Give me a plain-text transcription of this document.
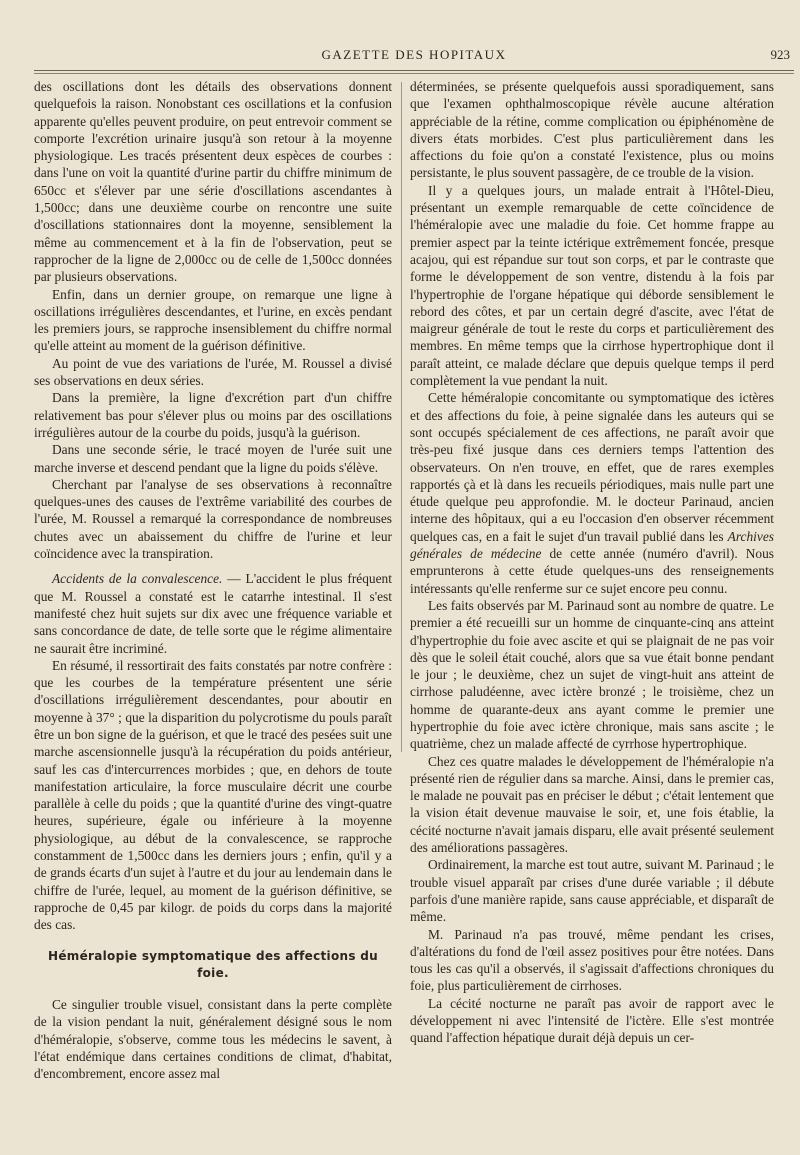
GAZETTE DES HOPITAUX	923

des oscillations dont les détails des observations donnent quelquefois la raison. Nonobstant ces oscillations et la confusion apparente qu'elles peuvent produire, on peut entrevoir comment se comporte l'excrétion urinaire jusqu'à son retour à la moyenne physiologique. Les tracés présentent deux espèces de courbes : dans l'une on voit la quantité d'urine partir du chiffre minimum de 650cc et s'élever par une série d'oscillations ascendantes à 1,500cc; dans une deuxième courbe on rencontre une suite d'oscillations stationnaires dont la moyenne, sensiblement la même au commencement et à la fin de l'observation, peut se rapprocher de la ligne de 2,000cc ou de celle de 1,500cc données par plusieurs observations.

Enfin, dans un dernier groupe, on remarque une ligne à oscillations irrégulières descendantes, et l'urine, en excès pendant les premiers jours, se rapproche insensiblement du chiffre normal qu'elle atteint au moment de la guérison définitive.

Au point de vue des variations de l'urée, M. Roussel a divisé ses observations en deux séries.

Dans la première, la ligne d'excrétion part d'un chiffre relativement bas pour s'élever plus ou moins par des oscillations irrégulières autour de la courbe du poids, jusqu'à la guérison.

Dans une seconde série, le tracé moyen de l'urée suit une marche inverse et descend pendant que la ligne du poids s'élève.

Cherchant par l'analyse de ses observations à reconnaître quelques-unes des causes de l'extrême variabilité des courbes de l'urée, M. Roussel a remarqué la correspondance de nombreuses chutes avec un abaissement du chiffre de l'urine et leur coïncidence avec la transpiration.

Accidents de la convalescence. — L'accident le plus fréquent que M. Roussel a constaté est le catarrhe intestinal. Il s'est manifesté chez huit sujets sur dix avec une fréquence variable et sans concordance de date, de telle sorte que le régime alimentaire ne saurait être incriminé.

En résumé, il ressortirait des faits constatés par notre confrère : que les courbes de la température présentent une série d'oscillations irrégulièrement descendantes, pour aboutir en moyenne à 37° ; que la disparition du polycrotisme du pouls paraît être un bon signe de la guérison, et que le tracé des pesées suit une marche ascensionnelle jusqu'à la récupération du poids antérieur, sauf les cas d'intercurrences morbides ; que, en dehors de toute manifestation articulaire, la force musculaire décrit une courbe parallèle à celle du poids ; que la quantité d'urine des vingt-quatre heures, supérieure, égale ou inférieure à la moyenne physiologique, au début de la convalescence, se rapproche constamment de 1,500cc dans les derniers jours ; enfin, qu'il y a de grands écarts d'un sujet à l'autre et du jour au lendemain dans le chiffre de l'urée, lequel, au moment de la guérison définitive, se rapproche de 0,45 par kilogr. de poids du corps dans la majorité des cas.

Héméralopie symptomatique des affections du foie.

Ce singulier trouble visuel, consistant dans la perte complète de la vision pendant la nuit, généralement désigné sous le nom d'héméralopie, s'observe, comme tous les médecins le savent, à l'état endémique dans certaines conditions de climat, d'habitat, d'encombrement, encore assez mal

déterminées, se présente quelquefois aussi sporadiquement, sans que l'examen ophthalmoscopique révèle aucune altération appréciable de la rétine, comme complication ou épiphénomène de divers états morbides. C'est plus particulièrement dans les affections du foie qu'on a constaté l'existence, plus ou moins persistante, le plus souvent passagère, de ce trouble de la vision.

Il y a quelques jours, un malade entrait à l'Hôtel-Dieu, présentant un exemple remarquable de cette coïncidence de l'héméralopie avec une maladie du foie. Cet homme frappe au premier aspect par la teinte ictérique extrêmement foncée, presque acajou, qui est répandue sur tout son corps, et par le contraste que forme le développement de son ventre, distendu à la fois par l'hypertrophie de l'organe hépatique qui déborde sensiblement le rebord des côtes, et par un certain degré d'ascite, avec l'état de maigreur générale de tout le reste du corps et particulièrement des membres. En même temps que la cirrhose hypertrophique dont il paraît atteint, ce malade déclare que depuis quelque temps il perd complètement la vue pendant la nuit.

Cette héméralopie concomitante ou symptomatique des ictères et des affections du foie, à peine signalée dans les auteurs qui se sont occupés spécialement de ces affections, ne paraît avoir que très-peu fixé jusque dans ces derniers temps l'attention des observateurs. On n'en trouve, en effet, que de rares exemples rapportés çà et là dans les recueils périodiques, mais nulle part une étude quelque peu approfondie. M. le docteur Parinaud, ancien interne des hôpitaux, qui a eu l'occasion d'en observer récemment quelques cas, en a fait le sujet d'un travail publié dans les Archives générales de médecine de cette année (numéro d'avril). Nous emprunterons à cette étude quelques-uns des renseignements intéressants qu'elle renferme sur ce sujet encore peu connu.

Les faits observés par M. Parinaud sont au nombre de quatre. Le premier a été recueilli sur un homme de cinquante-cinq ans atteint d'hypertrophie du foie avec ascite et qui se plaignait de ne pas voir dès que le soleil était couché, alors que sa vue était bonne pendant le jour ; le deuxième, chez un sujet de vingt-huit ans atteint de cirrhose paludéenne, avec ictère bronzé ; le troisième, chez un homme de quarante-deux ans ayant comme le premier une hypertrophie du foie avec ictère chronique, mais sans ascite ; le quatrième, chez un malade affecté de cyrrhose hypertrophique.

Chez ces quatre malades le développement de l'héméralopie n'a présenté rien de régulier dans sa marche. Ainsi, dans le premier cas, le malade ne pouvait pas en préciser le début ; c'était lentement que la vision était devenue mauvaise le soir, et, une fois établie, la cécité nocturne n'avait jamais disparu, elle avait présenté seulement des améliorations passagères.

Ordinairement, la marche est tout autre, suivant M. Parinaud ; le trouble visuel apparaît par crises d'une durée variable ; il débute parfois d'une manière rapide, sans cause appréciable, et disparaît de même.

M. Parinaud n'a pas trouvé, même pendant les crises, d'altérations du fond de l'œil assez positives pour être notées. Dans tous les cas qu'il a observés, il s'agissait d'affections chroniques du foie, plus particulièrement de cirrhoses.

La cécité nocturne ne paraît pas avoir de rapport avec le développement ni avec l'intensité de l'ictère. Elle s'est montrée quand l'affection hépatique durait déjà depuis un cer-
